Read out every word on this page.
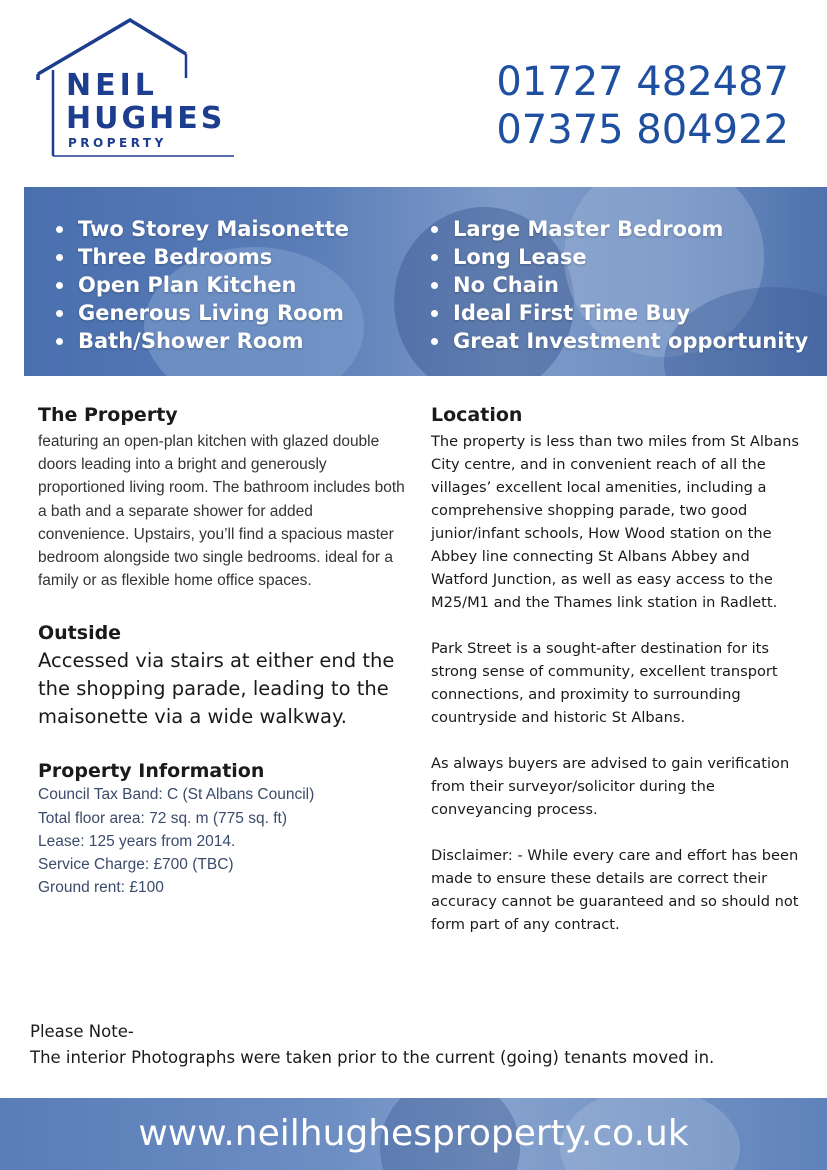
NEIL
HUGHES
PROPERTY
01727 482487
07375 804922
Two Storey Maisonette
Three Bedrooms
Open Plan Kitchen
Generous Living Room
Bath/Shower Room
Large Master Bedroom
Long Lease
No Chain
Ideal First Time Buy
Great Investment opportunity
The Property

featuring an open-plan kitchen with glazed double doors leading into a bright and generously proportioned living room. The bathroom includes both a bath and a separate shower for added convenience. Upstairs, you’ll find a spacious master bedroom alongside two single bedrooms. ideal for a family or as flexible home office spaces.

Outside

Accessed via stairs at either end the the shopping parade, leading to the maisonette via a wide walkway.

Property Information
Council Tax Band: C (St Albans Council)
Total floor area: 72 sq. m (775 sq. ft)
Lease: 125 years from 2014.
Service Charge: £700 (TBC)
Ground rent: £100
Location

The property is less than two miles from St Albans City centre, and in convenient reach of all the villages’ excellent local amenities, including a comprehensive shopping parade, two good junior/infant schools, How Wood station on the Abbey line connecting St Albans Abbey and Watford Junction, as well as easy access to the M25/M1 and the Thames link station in Radlett.

Park Street is a sought-after destination for its strong sense of community, excellent transport connections, and proximity to surrounding countryside and historic St Albans.

As always buyers are advised to gain verification from their surveyor/solicitor during the conveyancing process.

Disclaimer: - While every care and effort has been made to ensure these details are correct their accuracy cannot be guaranteed and so should not form part of any contract.

Please Note-
The interior Photographs were taken prior to the current (going) tenants moved in.
www.neilhughesproperty.co.uk
